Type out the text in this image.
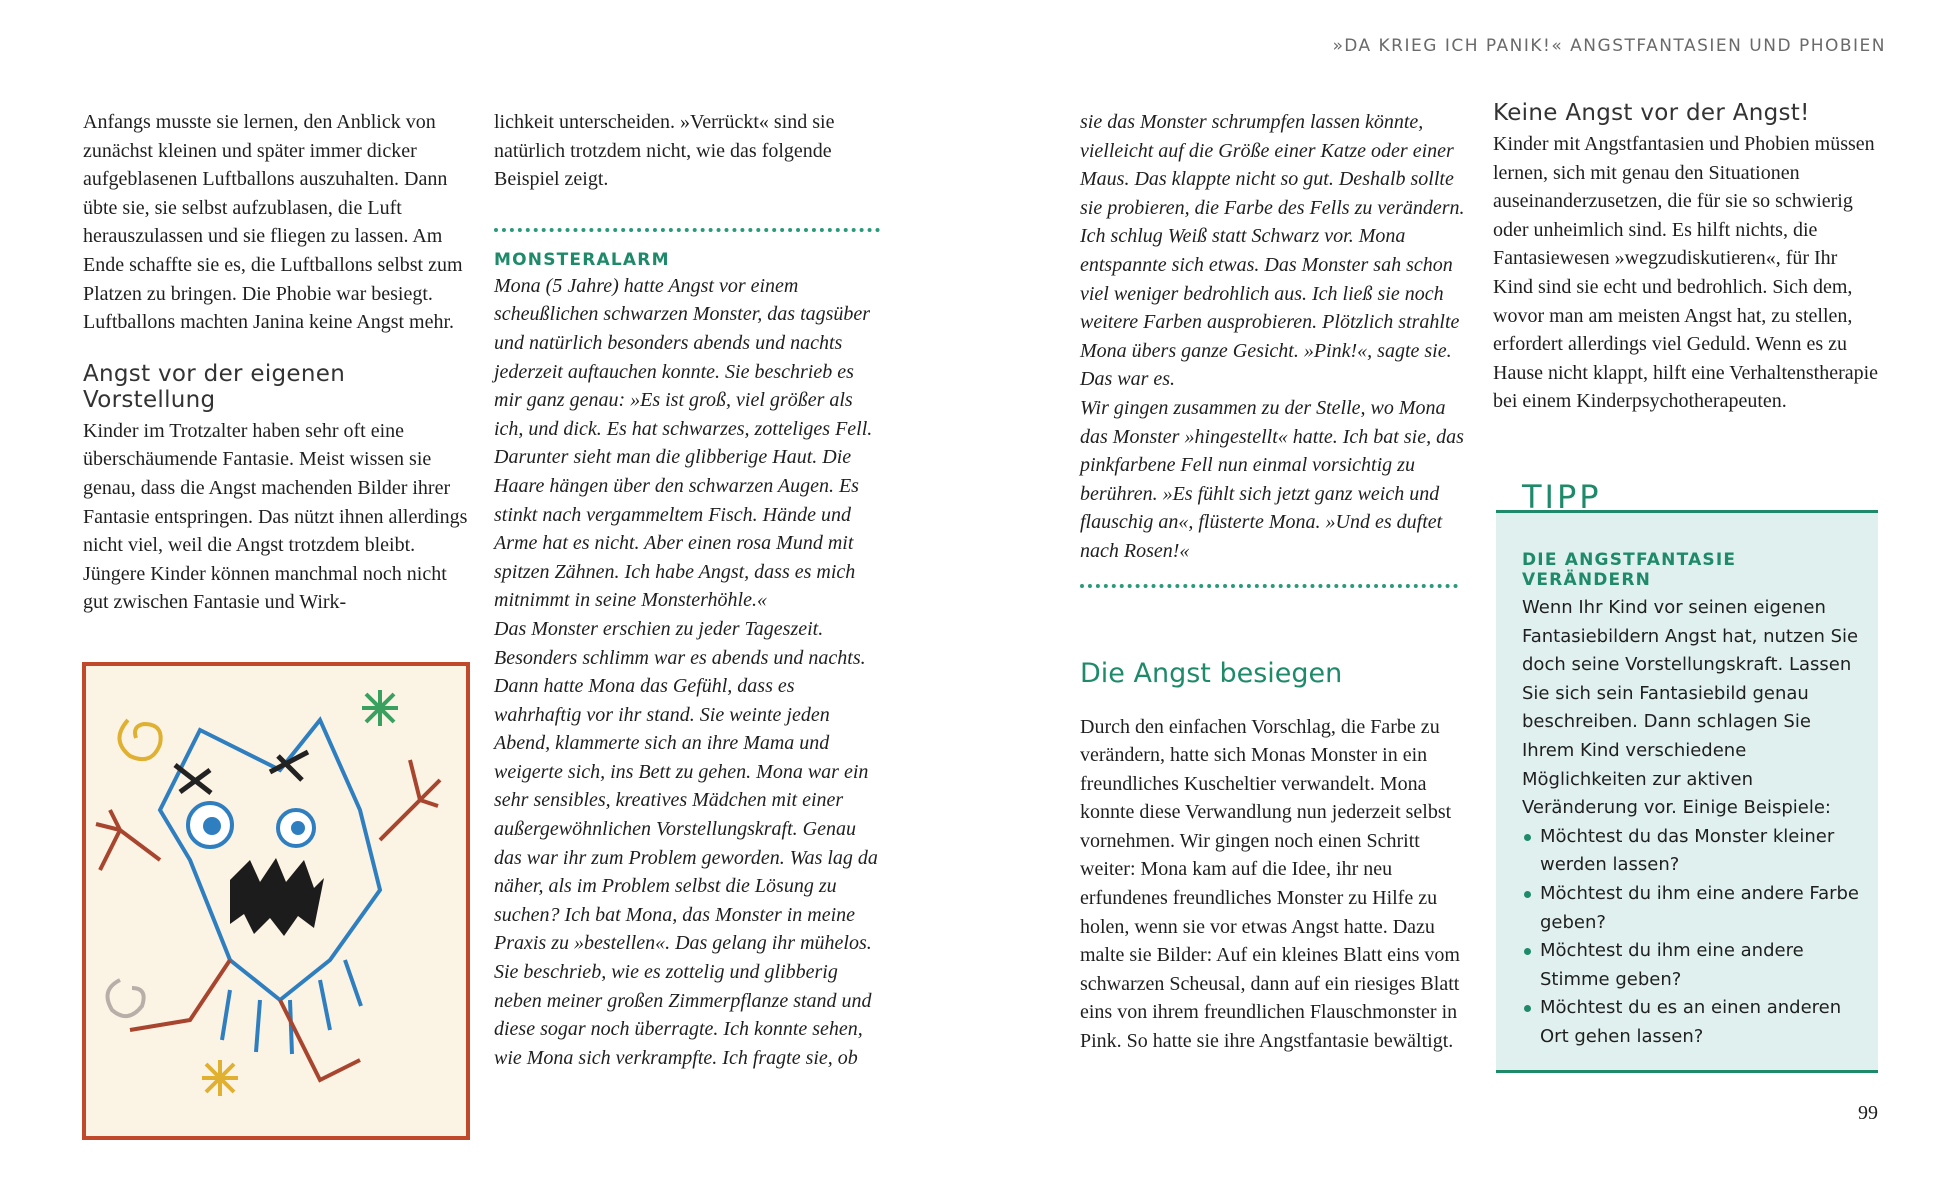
»DA KRIEG ICH PANIK!« ANGSTFANTASIEN UND PHOBIEN

Anfangs musste sie lernen, den Anblick von zunächst kleinen und später immer dicker aufgeblasenen Luftballons auszuhalten. Dann übte sie, sie selbst aufzublasen, die Luft herauszulassen und sie fliegen zu lassen. Am Ende schaffte sie es, die Luftballons selbst zum Platzen zu bringen. Die Phobie war besiegt. Luftballons machten Janina keine Angst mehr.

Angst vor der eigenen Vorstellung

Kinder im Trotzalter haben sehr oft eine überschäumende Fantasie. Meist wissen sie genau, dass die Angst machenden Bilder ihrer Fantasie entspringen. Das nützt ihnen allerdings nicht viel, weil die Angst trotzdem bleibt. Jüngere Kinder können manchmal noch nicht gut zwischen Fantasie und Wirk-

lichkeit unterscheiden. »Verrückt« sind sie natürlich trotzdem nicht, wie das folgende Beispiel zeigt.

MONSTERALARM

Mona (5 Jahre) hatte Angst vor einem scheußlichen schwarzen Monster, das tagsüber und natürlich besonders abends und nachts jederzeit auftauchen konnte. Sie beschrieb es mir ganz genau: »Es ist groß, viel größer als ich, und dick. Es hat schwarzes, zotteliges Fell. Darunter sieht man die glibberige Haut. Die Haare hängen über den schwarzen Augen. Es stinkt nach vergammeltem Fisch. Hände und Arme hat es nicht. Aber einen rosa Mund mit spitzen Zähnen. Ich habe Angst, dass es mich mitnimmt in seine Monsterhöhle.«

Das Monster erschien zu jeder Tageszeit. Besonders schlimm war es abends und nachts. Dann hatte Mona das Gefühl, dass es wahrhaftig vor ihr stand. Sie weinte jeden Abend, klammerte sich an ihre Mama und weigerte sich, ins Bett zu gehen. Mona war ein sehr sensibles, kreatives Mädchen mit einer außergewöhnlichen Vorstellungskraft. Genau das war ihr zum Problem geworden. Was lag da näher, als im Problem selbst die Lösung zu suchen? Ich bat Mona, das Monster in meine Praxis zu »bestellen«. Das gelang ihr mühelos. Sie beschrieb, wie es zottelig und glibberig neben meiner großen Zimmerpflanze stand und diese sogar noch überragte. Ich konnte sehen, wie Mona sich verkrampfte. Ich fragte sie, ob

sie das Monster schrumpfen lassen könnte, vielleicht auf die Größe einer Katze oder einer Maus. Das klappte nicht so gut. Deshalb sollte sie probieren, die Farbe des Fells zu verändern. Ich schlug Weiß statt Schwarz vor. Mona entspannte sich etwas. Das Monster sah schon viel weniger bedrohlich aus. Ich ließ sie noch weitere Farben ausprobieren. Plötzlich strahlte Mona übers ganze Gesicht. »Pink!«, sagte sie. Das war es.

Wir gingen zusammen zu der Stelle, wo Mona das Monster »hingestellt« hatte. Ich bat sie, das pinkfarbene Fell nun einmal vorsichtig zu berühren. »Es fühlt sich jetzt ganz weich und flauschig an«, flüsterte Mona. »Und es duftet nach Rosen!«

Die Angst besiegen

Durch den einfachen Vorschlag, die Farbe zu verändern, hatte sich Monas Monster in ein freundliches Kuscheltier verwandelt. Mona konnte diese Verwandlung nun jederzeit selbst vornehmen. Wir gingen noch einen Schritt weiter: Mona kam auf die Idee, ihr neu erfundenes freundliches Monster zu Hilfe zu holen, wenn sie vor etwas Angst hatte. Dazu malte sie Bilder: Auf ein kleines Blatt eins vom schwarzen Scheusal, dann auf ein riesiges Blatt eins von ihrem freundlichen Flauschmonster in Pink. So hatte sie ihre Angstfantasie bewältigt.

Keine Angst vor der Angst!

Kinder mit Angstfantasien und Phobien müssen lernen, sich mit genau den Situationen auseinanderzusetzen, die für sie so schwierig oder unheimlich sind. Es hilft nichts, die Fantasiewesen »wegzudiskutieren«, für Ihr Kind sind sie echt und bedrohlich. Sich dem, wovor man am meisten Angst hat, zu stellen, erfordert allerdings viel Geduld. Wenn es zu Hause nicht klappt, hilft eine Verhaltenstherapie bei einem Kinderpsychotherapeuten.

DIE ANGSTFANTASIE VERÄNDERN

Wenn Ihr Kind vor seinen eigenen Fantasiebildern Angst hat, nutzen Sie doch seine Vorstellungskraft. Lassen Sie sich sein Fantasiebild genau beschreiben. Dann schlagen Sie Ihrem Kind verschiedene Möglichkeiten zur aktiven Veränderung vor. Einige Beispiele:

Möchtest du das Monster kleiner werden lassen?
Möchtest du ihm eine andere Farbe geben?
Möchtest du ihm eine andere Stimme geben?
Möchtest du es an einen anderen Ort gehen lassen?
TIPP
99
